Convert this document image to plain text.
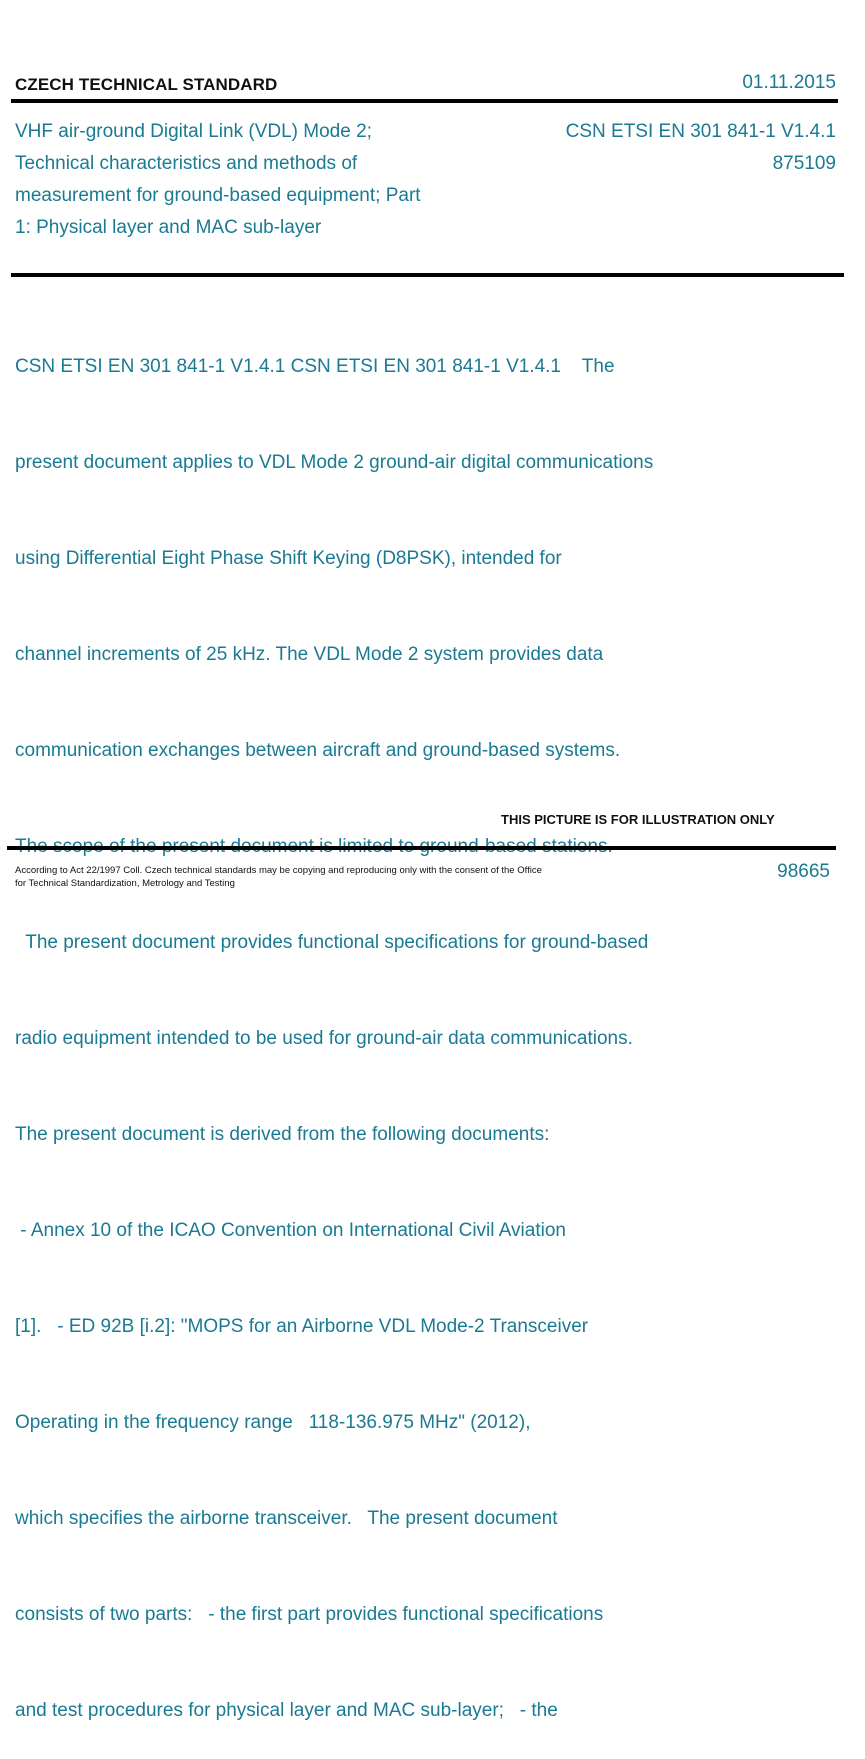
CZECH TECHNICAL STANDARD	01.11.2015
VHF air-ground Digital Link (VDL) Mode 2;
Technical characteristics and methods of
measurement for ground-based equipment; Part
1: Physical layer and MAC sub-layer
CSN ETSI EN 301 841-1 V1.4.1
875109

CSN ETSI EN 301 841-1 V1.4.1 CSN ETSI EN 301 841-1 V1.4.1    The

present document applies to VDL Mode 2 ground-air digital communications

using Differential Eight Phase Shift Keying (D8PSK), intended for

channel increments of 25 kHz. The VDL Mode 2 system provides data

communication exchanges between aircraft and ground-based systems.

The present document provides functional specifications for ground-based

radio equipment intended to be used for ground-air data communications.

The present document is derived from the following documents:

- Annex 10 of the ICAO Convention on International Civil Aviation

[1].   - ED 92B [i.2]: "MOPS for an Airborne VDL Mode-2 Transceiver

Operating in the frequency range   118-136.975 MHz" (2012),

which specifies the airborne transceiver.   The present document

consists of two parts:   - the first part provides functional specifications

and test procedures for physical layer and MAC sub-layer;   - the

THIS PICTURE IS FOR ILLUSTRATION ONLY
According to Act 22/1997 Coll. Czech technical standards may be copying and reproducing only with the consent of the Office
for Technical Standardization, Metrology and Testing
98665
